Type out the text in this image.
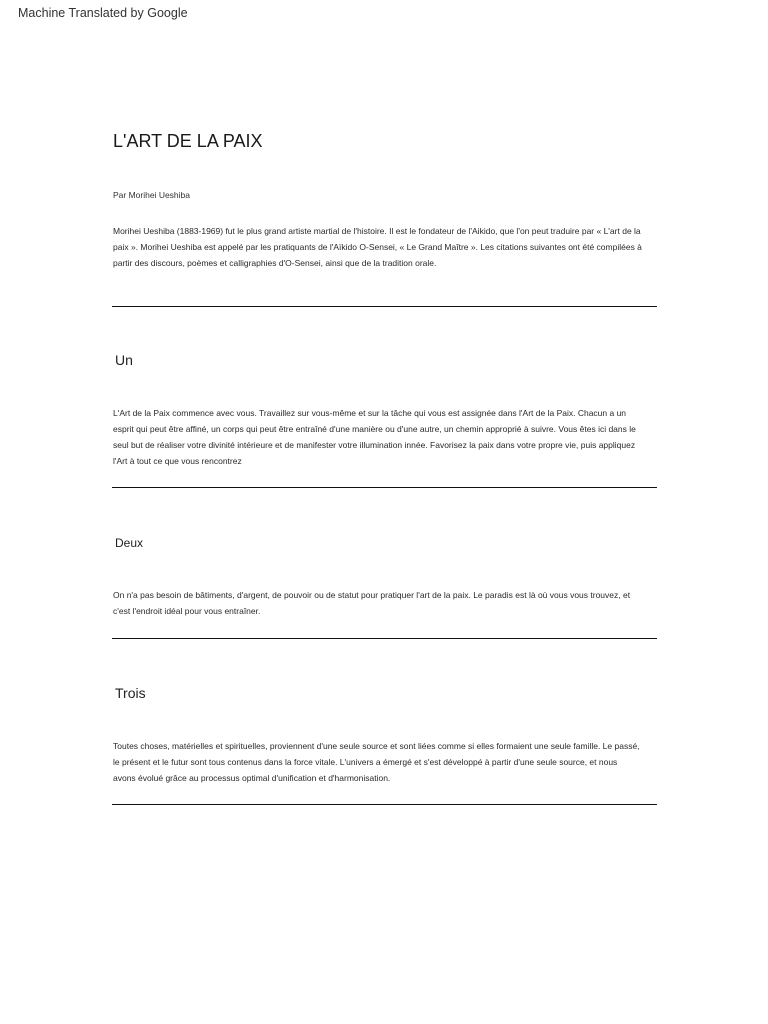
Machine Translated by Google
L'ART DE LA PAIX
Par Morihei Ueshiba

Morihei Ueshiba (1883-1969) fut le plus grand artiste martial de l'histoire. Il est le fondateur de l'Aikido, que l'on peut traduire par « L'art de la paix ». Morihei Ueshiba est appelé par les pratiquants de l'Aïkido O-Sensei, « Le Grand Maître ». Les citations suivantes ont été compilées à partir des discours, poèmes et calligraphies d'O-Sensei, ainsi que de la tradition orale.

Un

L'Art de la Paix commence avec vous. Travaillez sur vous-même et sur la tâche qui vous est assignée dans l'Art de la Paix. Chacun a un esprit qui peut être affiné, un corps qui peut être entraîné d'une manière ou d'une autre, un chemin approprié à suivre. Vous êtes ici dans le seul but de réaliser votre divinité intérieure et de manifester votre illumination innée. Favorisez la paix dans votre propre vie, puis appliquez l'Art à tout ce que vous rencontrez

Deux

On n'a pas besoin de bâtiments, d'argent, de pouvoir ou de statut pour pratiquer l'art de la paix. Le paradis est là où vous vous trouvez, et c'est l'endroit idéal pour vous entraîner.

Trois

Toutes choses, matérielles et spirituelles, proviennent d'une seule source et sont liées comme si elles formaient une seule famille. Le passé, le présent et le futur sont tous contenus dans la force vitale. L'univers a émergé et s'est développé à partir d'une seule source, et nous avons évolué grâce au processus optimal d'unification et d'harmonisation.
